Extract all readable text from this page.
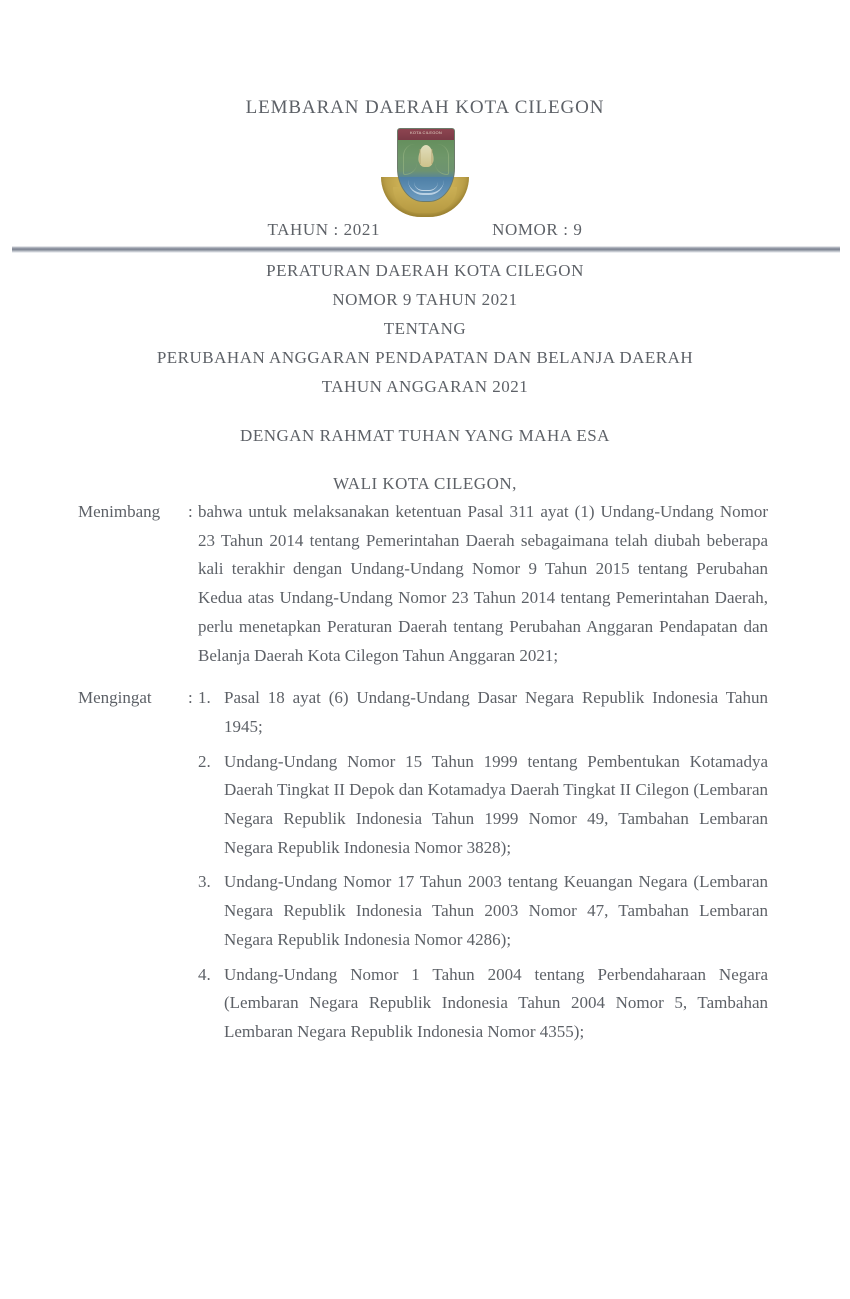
LEMBARAN DAERAH KOTA CILEGON
KOTA CILEGON
TAHUN : 2021	NOMOR : 9
PERATURAN DAERAH KOTA CILEGON
NOMOR 9 TAHUN 2021
TENTANG
PERUBAHAN ANGGARAN PENDAPATAN DAN BELANJA DAERAH
TAHUN ANGGARAN 2021
DENGAN RAHMAT TUHAN YANG MAHA ESA
WALI KOTA CILEGON,
Menimbang	: bahwa untuk melaksanakan ketentuan Pasal 311 ayat (1) Undang-Undang Nomor 23 Tahun 2014 tentang Pemerintahan Daerah sebagaimana telah diubah beberapa kali terakhir dengan Undang-Undang Nomor 9 Tahun 2015 tentang Perubahan Kedua atas Undang-Undang Nomor 23 Tahun 2014 tentang Pemerintahan Daerah, perlu menetapkan Peraturan Daerah tentang Perubahan Anggaran Pendapatan dan Belanja Daerah Kota Cilegon Tahun Anggaran 2021;
Mengingat	: 1. Pasal 18 ayat (6) Undang-Undang Dasar Negara Republik Indonesia Tahun 1945;
2. Undang-Undang Nomor 15 Tahun 1999 tentang Pembentukan Kotamadya Daerah Tingkat II Depok dan Kotamadya Daerah Tingkat II Cilegon (Lembaran Negara Republik Indonesia Tahun 1999 Nomor 49, Tambahan Lembaran Negara Republik Indonesia Nomor 3828);
3. Undang-Undang Nomor 17 Tahun 2003 tentang Keuangan Negara (Lembaran Negara Republik Indonesia Tahun 2003 Nomor 47, Tambahan Lembaran Negara Republik Indonesia Nomor 4286);
4. Undang-Undang Nomor 1 Tahun 2004 tentang Perbendaharaan Negara (Lembaran Negara Republik Indonesia Tahun 2004 Nomor 5, Tambahan Lembaran Negara Republik Indonesia Nomor 4355);
